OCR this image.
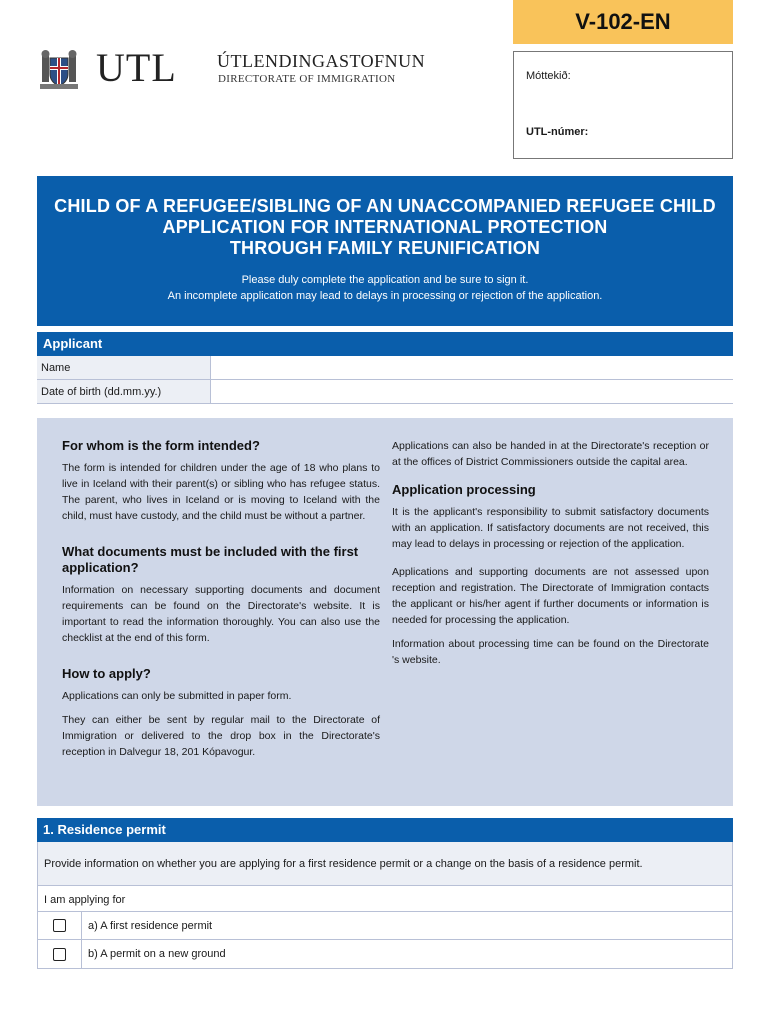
V-102-EN
Móttekið:
UTL-númer:
UTL ÚTLENDINGASTOFNUN
DIRECTORATE OF IMMIGRATION
CHILD OF A REFUGEE/SIBLING OF AN UNACCOMPANIED REFUGEE CHILD
APPLICATION FOR INTERNATIONAL PROTECTION
THROUGH FAMILY REUNIFICATION
Please duly complete the application and be sure to sign it.
An incomplete application may lead to delays in processing or rejection of the application.
Applicant
Name
Date of birth (dd.mm.yy.)
For whom is the form intended?

The form is intended for children under the age of 18 who plans to live in Iceland with their parent(s) or sibling who has refugee status. The parent, who lives in Iceland or is moving to Iceland with the child, must have custody, and the child must be without a partner.

What documents must be included with the first application?

Information on necessary supporting documents and document requirements can be found on the Directorate's website. It is important to read the information thoroughly. You can also use the checklist at the end of this form.

How to apply?

Applications can only be submitted in paper form.

They can either be sent by regular mail to the Directorate of Immigration or delivered to the drop box in the Directorate's reception in Dalvegur 18, 201 Kópavogur.

Applications can also be handed in at the Directorate's reception or at the offices of District Commissioners outside the capital area.

Application processing

It is the applicant's responsibility to submit satisfactory documents with an application. If satisfactory documents are not received, this may lead to delays in processing or rejection of the application.

Applications and supporting documents are not assessed upon reception and registration. The Directorate of Immigration contacts the applicant or his/her agent if further documents or information is needed for processing the application.

Information about processing time can be found on the Directorate 's website.

1. Residence permit
Provide information on whether you are applying for a first residence permit or a change on the basis of a residence permit.
I am applying for
a) A first residence permit
b) A permit on a new ground
